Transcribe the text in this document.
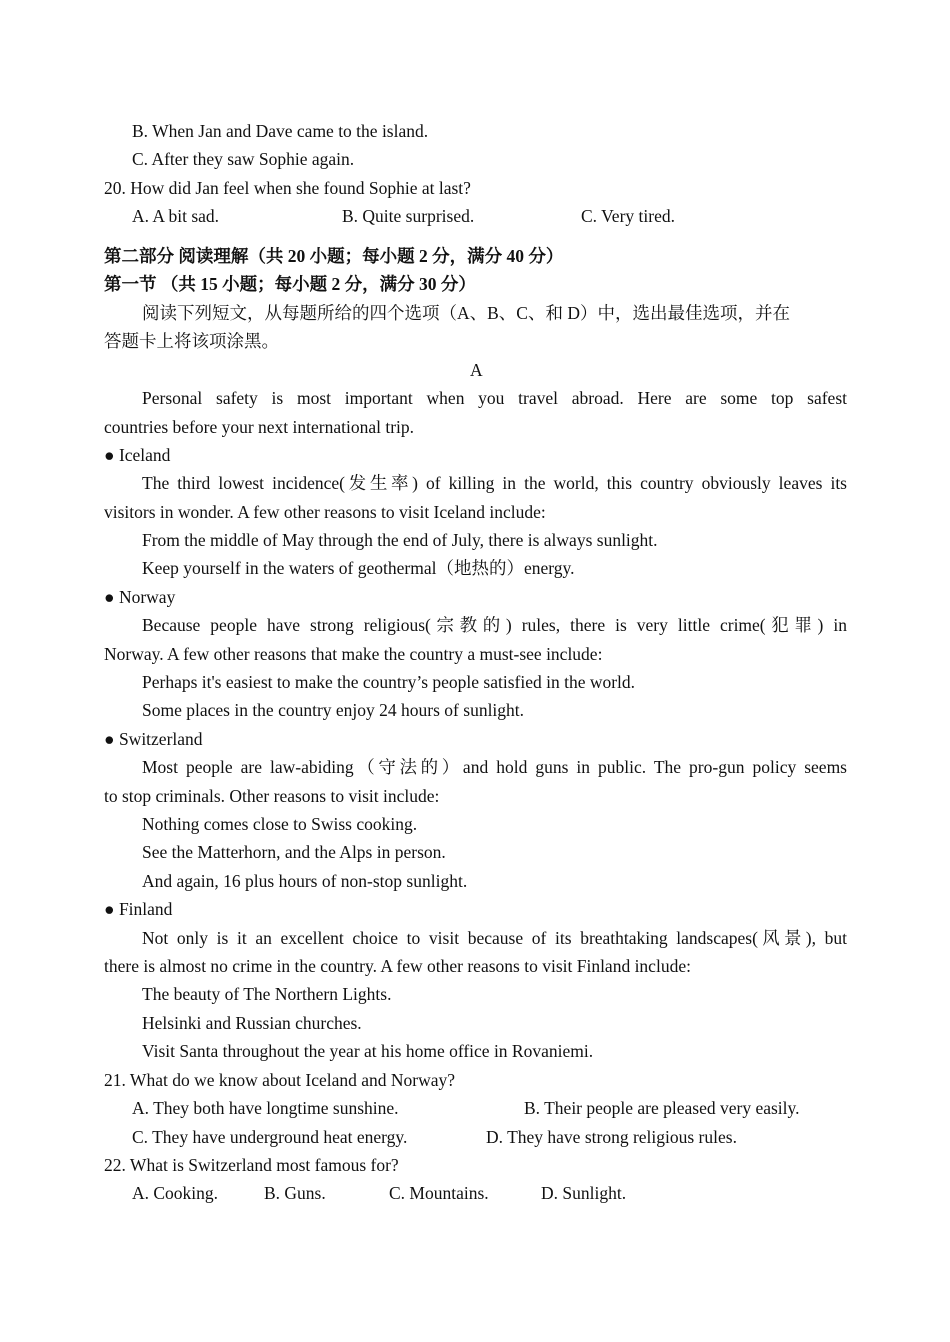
B. When Jan and Dave came to the island.
C. After they saw Sophie again.
20. How did Jan feel when she found Sophie at last?
A. A bit sad.	B. Quite surprised.	C. Very tired.
第二部分 阅读理解（共 20 小题；每小题 2 分，满分 40 分）
第一节 （共 15 小题；每小题 2 分，满分 30 分）
阅读下列短文，从每题所给的四个选项（A、B、C、和 D）中，选出最佳选项，并在
答题卡上将该项涂黑。
A
Personal safety is most important when you travel abroad. Here are some top safest
countries before your next international trip.
● Iceland
The third lowest incidence(发生率) of killing in the world, this country obviously leaves its
visitors in wonder. A few other reasons to visit Iceland include:
From the middle of May through the end of July, there is always sunlight.
Keep yourself in the waters of geothermal（地热的）energy.
● Norway
Because people have strong religious(宗教的) rules, there is very little crime(犯罪) in
Norway. A few other reasons that make the country a must-see include:
Perhaps it's easiest to make the country’s people satisfied in the world.
Some places in the country enjoy 24 hours of sunlight.
● Switzerland
Most people are law-abiding（守法的）and hold guns in public. The pro-gun policy seems
to stop criminals. Other reasons to visit include:
Nothing comes close to Swiss cooking.
See the Matterhorn, and the Alps in person.
And again, 16 plus hours of non-stop sunlight.
● Finland
Not only is it an excellent choice to visit because of its breathtaking landscapes(风景), but
there is almost no crime in the country. A few other reasons to visit Finland include:
The beauty of The Northern Lights.
Helsinki and Russian churches.
Visit Santa throughout the year at his home office in Rovaniemi.
21. What do we know about Iceland and Norway?
A. They both have longtime sunshine.	B. Their people are pleased very easily.
C. They have underground heat energy.	D. They have strong religious rules.
22. What is Switzerland most famous for?
A. Cooking.	B. Guns.	C. Mountains.	D. Sunlight.
